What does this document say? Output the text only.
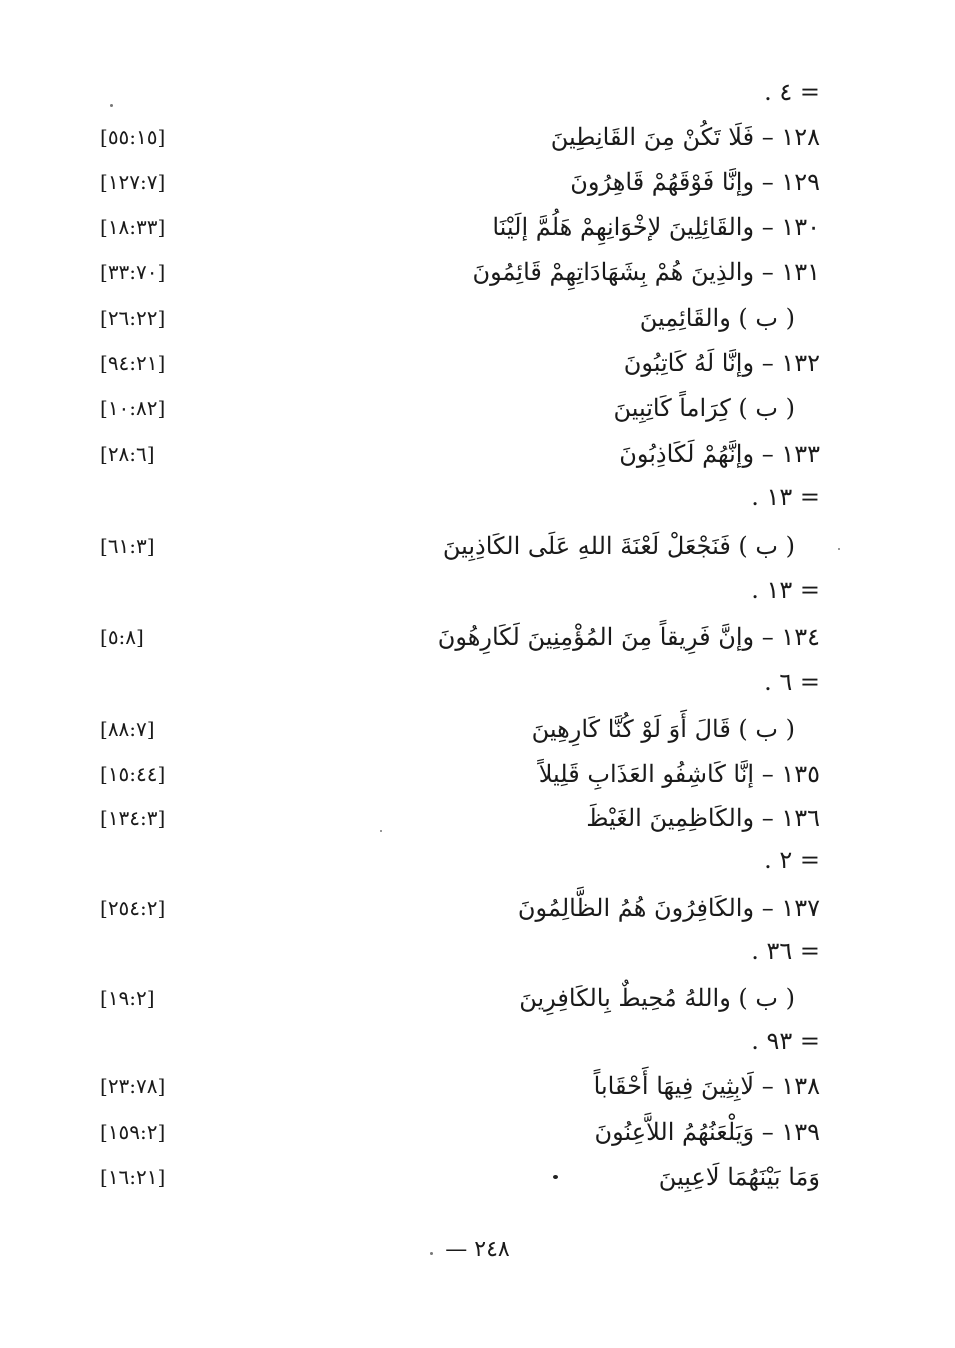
= ٤ .
١٢٨ – فَلَا تَكُنْ مِنَ القَانِطِينَ
[٥٥:١٥]
١٢٩ – وإنَّا فَوْقَهُمْ قَاهِرُونَ
[١٢٧:٧]
١٣٠ – والقَائِلِينَ لإخْوَانِهِمْ هَلُمَّ إلَيْنَا
[١٨:٣٣]
١٣١ – والذِينَ هُمْ بِشَهَادَاتِهِمْ قَائِمُونَ
[٣٣:٧٠]
( ب ) والقَائِمِينَ
[٢٦:٢٢]
١٣٢ – وإنَّا لَهُ كَاتِبُونَ
[٩٤:٢١]
( ب ) كِرَاماً كَاتِبِينَ
[١٠:٨٢]
١٣٣ – وإنَّهُمْ لَكَاذِبُونَ
[٢٨:٦]
= ١٣ .
( ب ) فَنَجْعَلْ لَعْنَةَ اللهِ عَلَى الكَاذِبِينَ
[٦١:٣]
= ١٣ .
١٣٤ – وإنَّ فَرِيقاً مِنَ المُؤْمِنِينَ لَكَارِهُونَ
[٥:٨]
= ٦ .
( ب ) قَالَ أَوَ لَوْ كُنَّا كَارِهِينَ
[٨٨:٧]
١٣٥ – إنَّا كَاشِفُو العَذَابِ قَلِيلاً
[١٥:٤٤]
١٣٦ – والكَاظِمِينَ الغَيْظَ
[١٣٤:٣]
= ٢ .
١٣٧ – والكَافِرُونَ هُمُ الظَّالِمُونَ
[٢٥٤:٢]
= ٣٦ .
( ب ) واللهُ مُحِيطٌ بِالكَافِرِينَ
[١٩:٢]
= ٩٣ .
١٣٨ – لَابِثِينَ فِيهَا أَحْقَاباً
[٢٣:٧٨]
١٣٩ – وَيَلْعَنُهُمُ اللاَّعِنُونَ
[١٥٩:٢]
وَمَا بَيْنَهُمَا لَاعِبِينَ
[١٦:٢١]
٢٤٨ —
